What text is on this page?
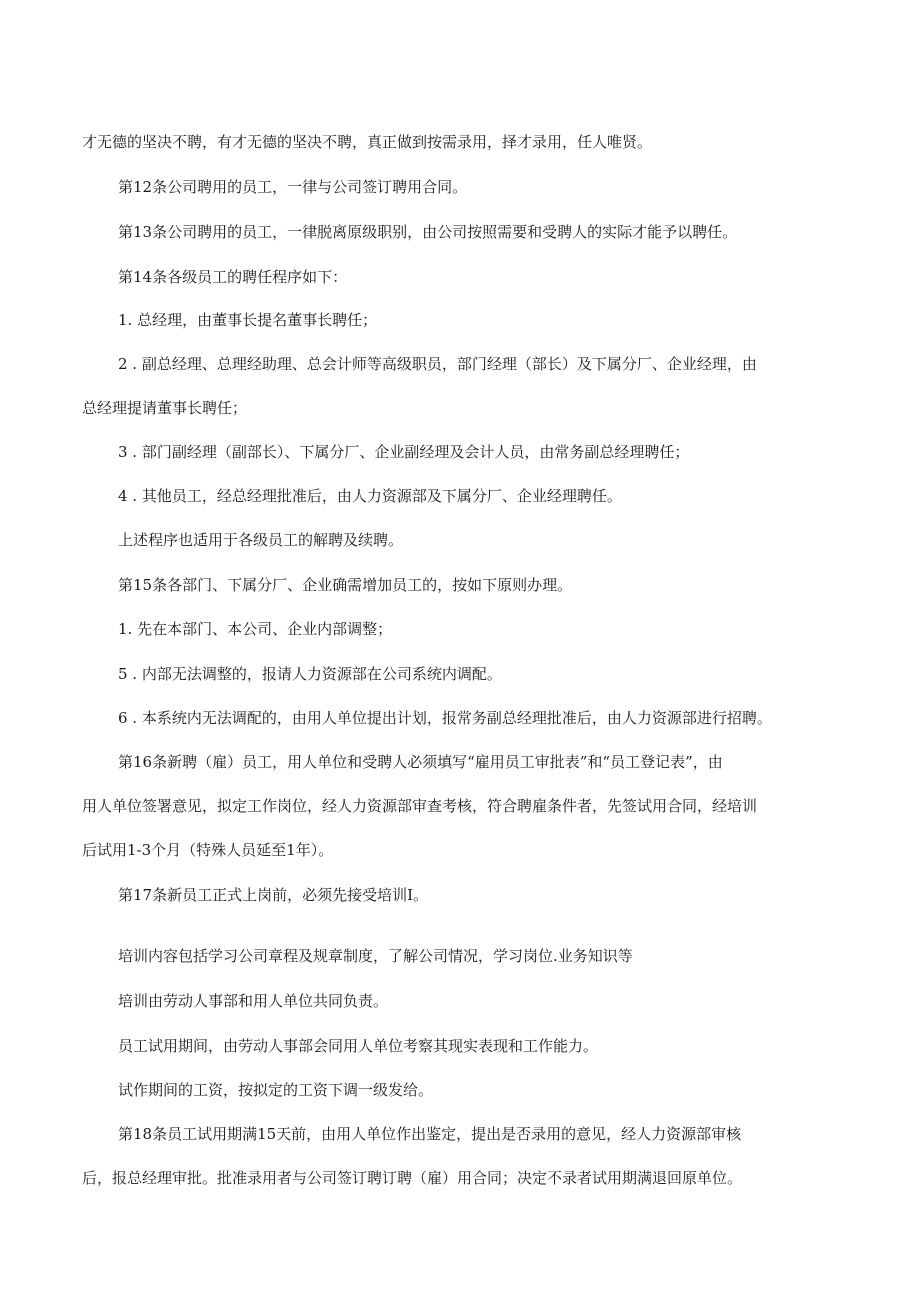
才无德的坚决不聘，有才无德的坚决不聘，真正做到按需录用，择才录用，任人唯贤。
第12条公司聘用的员工，一律与公司签订聘用合同。
第13条公司聘用的员工，一律脱离原级职别，由公司按照需要和受聘人的实际才能予以聘任。
第14条各级员工的聘任程序如下：
1. 总经理，由董事长提名董事长聘任；
2 . 副总经理、总理经助理、总会计师等高级职员，部门经理（部长）及下属分厂、企业经理，由
总经理提请董事长聘任；
3 . 部门副经理（副部长）、下属分厂、企业副经理及会计人员，由常务副总经理聘任；
4 . 其他员工，经总经理批准后，由人力资源部及下属分厂、企业经理聘任。
上述程序也适用于各级员工的解聘及续聘。
第15条各部门、下属分厂、企业确需增加员工的，按如下原则办理。
1. 先在本部门、本公司、企业内部调整；
5 . 内部无法调整的，报请人力资源部在公司系统内调配。
6 . 本系统内无法调配的，由用人单位提出计划，报常务副总经理批准后，由人力资源部进行招聘。
第16条新聘（雇）员工，用人单位和受聘人必须填写“雇用员工审批表”和“员工登记表”，由
用人单位签署意见，拟定工作岗位，经人力资源部审查考核，符合聘雇条件者，先签试用合同，经培训
后试用1-3个月（特殊人员延至1年）。
第17条新员工正式上岗前，必须先接受培训I。
培训内容包括学习公司章程及规章制度，了解公司情况，学习岗位.业务知识等
培训由劳动人事部和用人单位共同负责。
员工试用期间，由劳动人事部会同用人单位考察其现实表现和工作能力。
试作期间的工资，按拟定的工资下调一级发给。
第18条员工试用期满15天前，由用人单位作出鉴定，提出是否录用的意见，经人力资源部审核
后，报总经理审批。批准录用者与公司签订聘订聘（雇）用合同；决定不录者试用期满退回原单位。
